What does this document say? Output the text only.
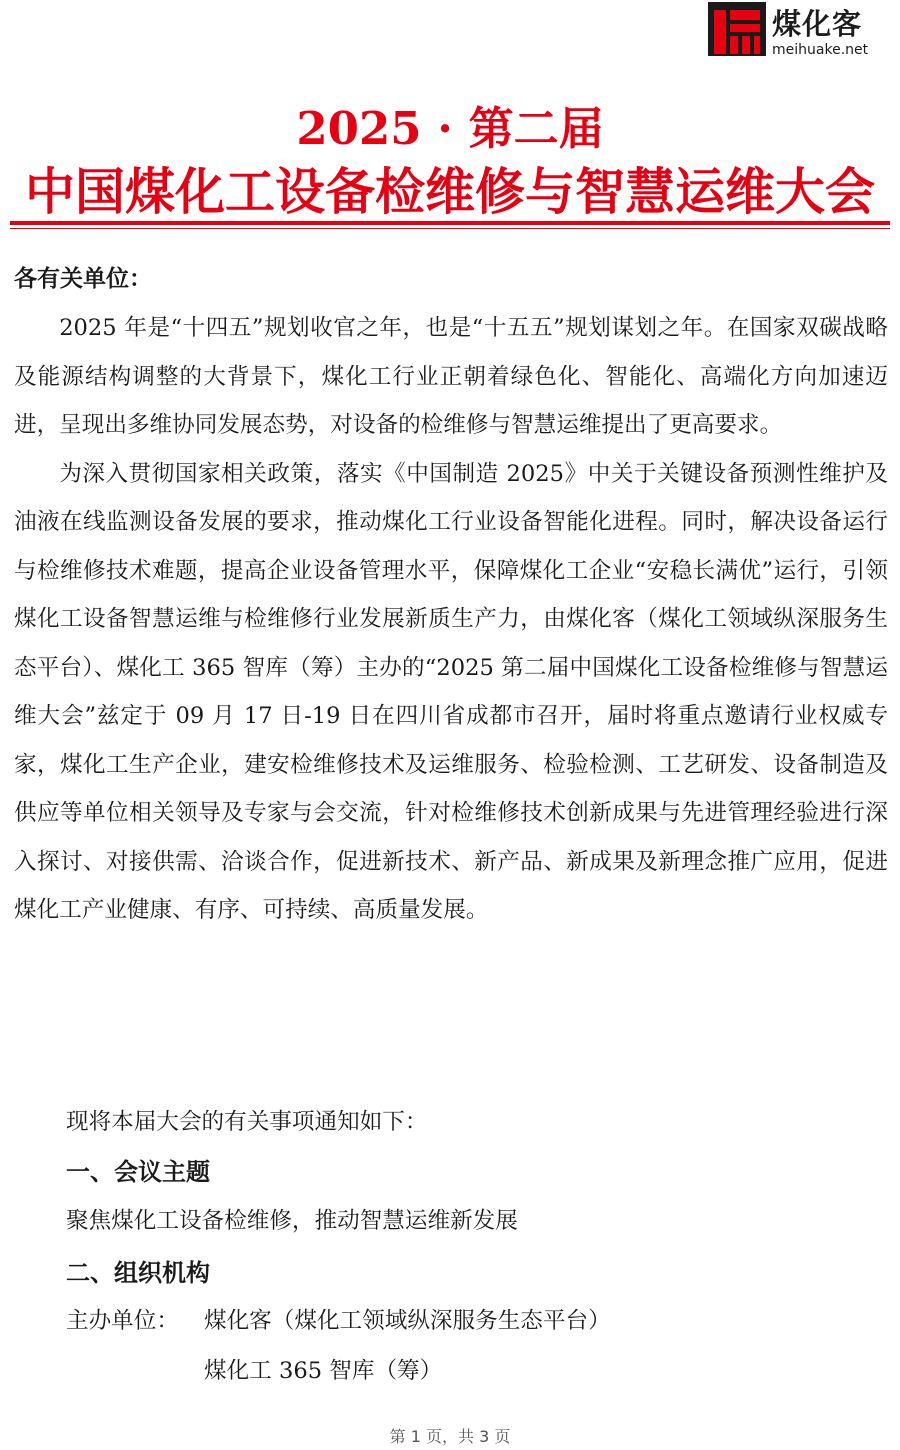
煤化客
meihuake.net
2025 · 第二届
中国煤化工设备检维修与智慧运维大会
各有关单位：

2025 年是“十四五”规划收官之年，也是“十五五”规划谋划之年。在国家双碳战略及能源结构调整的大背景下，煤化工行业正朝着绿色化、智能化、高端化方向加速迈进，呈现出多维协同发展态势，对设备的检维修与智慧运维提出了更高要求。

为深入贯彻国家相关政策，落实《中国制造 2025》中关于关键设备预测性维护及油液在线监测设备发展的要求，推动煤化工行业设备智能化进程。同时，解决设备运行与检维修技术难题，提高企业设备管理水平，保障煤化工企业“安稳长满优”运行，引领煤化工设备智慧运维与检维修行业发展新质生产力，由煤化客（煤化工领域纵深服务生态平台）、煤化工 365 智库（筹）主办的“2025 第二届中国煤化工设备检维修与智慧运维大会”兹定于 09 月 17 日-19 日在四川省成都市召开，届时将重点邀请行业权威专家，煤化工生产企业，建安检维修技术及运维服务、检验检测、工艺研发、设备制造及供应等单位相关领导及专家与会交流，针对检维修技术创新成果与先进管理经验进行深入探讨、对接供需、洽谈合作，促进新技术、新产品、新成果及新理念推广应用，促进煤化工产业健康、有序、可持续、高质量发展。

现将本届大会的有关事项通知如下：
一、会议主题
聚焦煤化工设备检维修，推动智慧运维新发展
二、组织机构
主办单位： 煤化客（煤化工领域纵深服务生态平台）
煤化工 365 智库（筹）
第 1 页，共 3 页
